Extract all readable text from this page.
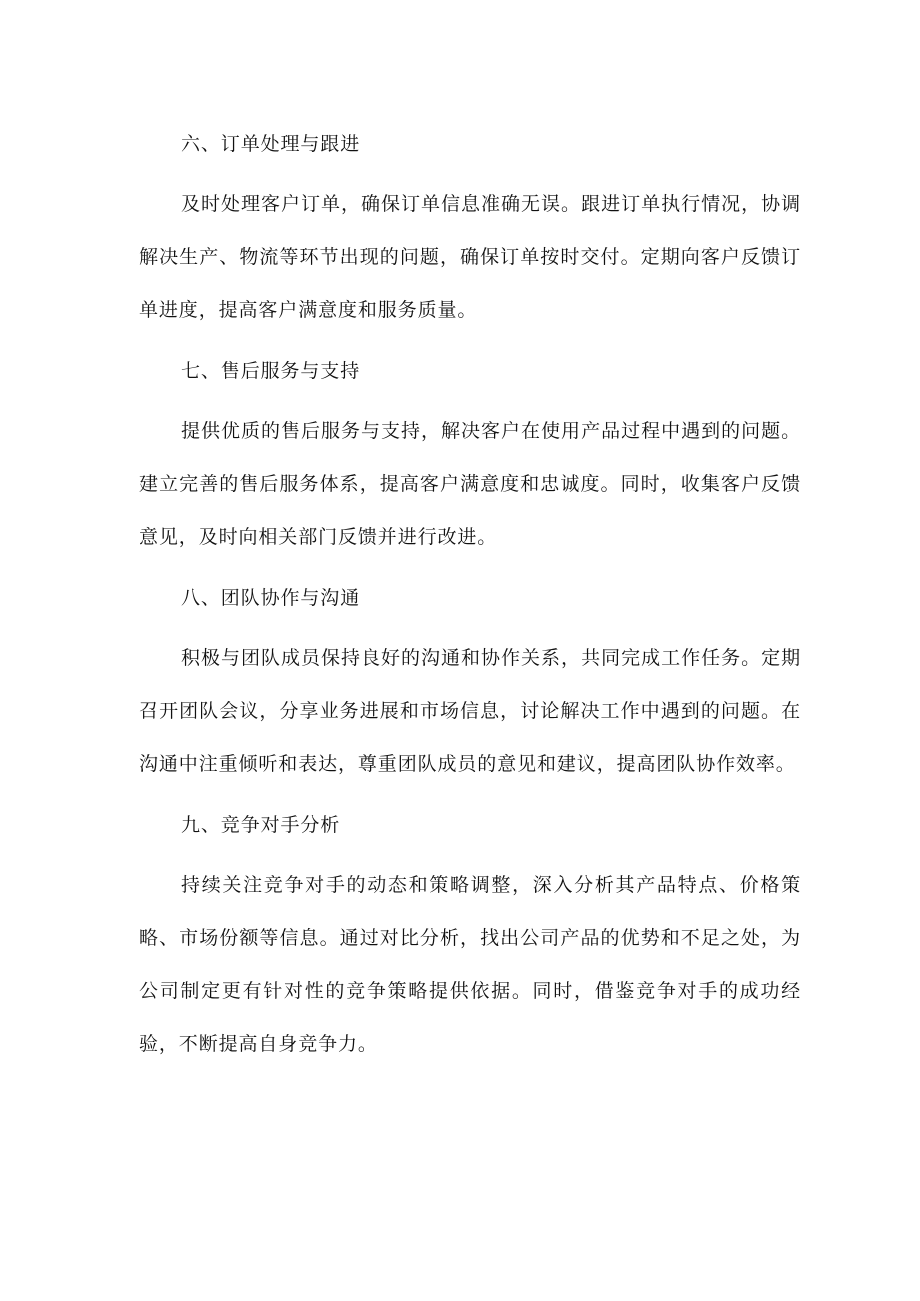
六、订单处理与跟进

及时处理客户订单，确保订单信息准确无误。跟进订单执行情况，协调解决生产、物流等环节出现的问题，确保订单按时交付。定期向客户反馈订单进度，提高客户满意度和服务质量。

七、售后服务与支持

提供优质的售后服务与支持，解决客户在使用产品过程中遇到的问题。建立完善的售后服务体系，提高客户满意度和忠诚度。同时，收集客户反馈意见，及时向相关部门反馈并进行改进。

八、团队协作与沟通

积极与团队成员保持良好的沟通和协作关系，共同完成工作任务。定期召开团队会议，分享业务进展和市场信息，讨论解决工作中遇到的问题。在沟通中注重倾听和表达，尊重团队成员的意见和建议，提高团队协作效率。

九、竞争对手分析

持续关注竞争对手的动态和策略调整，深入分析其产品特点、价格策略、市场份额等信息。通过对比分析，找出公司产品的优势和不足之处，为公司制定更有针对性的竞争策略提供依据。同时，借鉴竞争对手的成功经验，不断提高自身竞争力。
